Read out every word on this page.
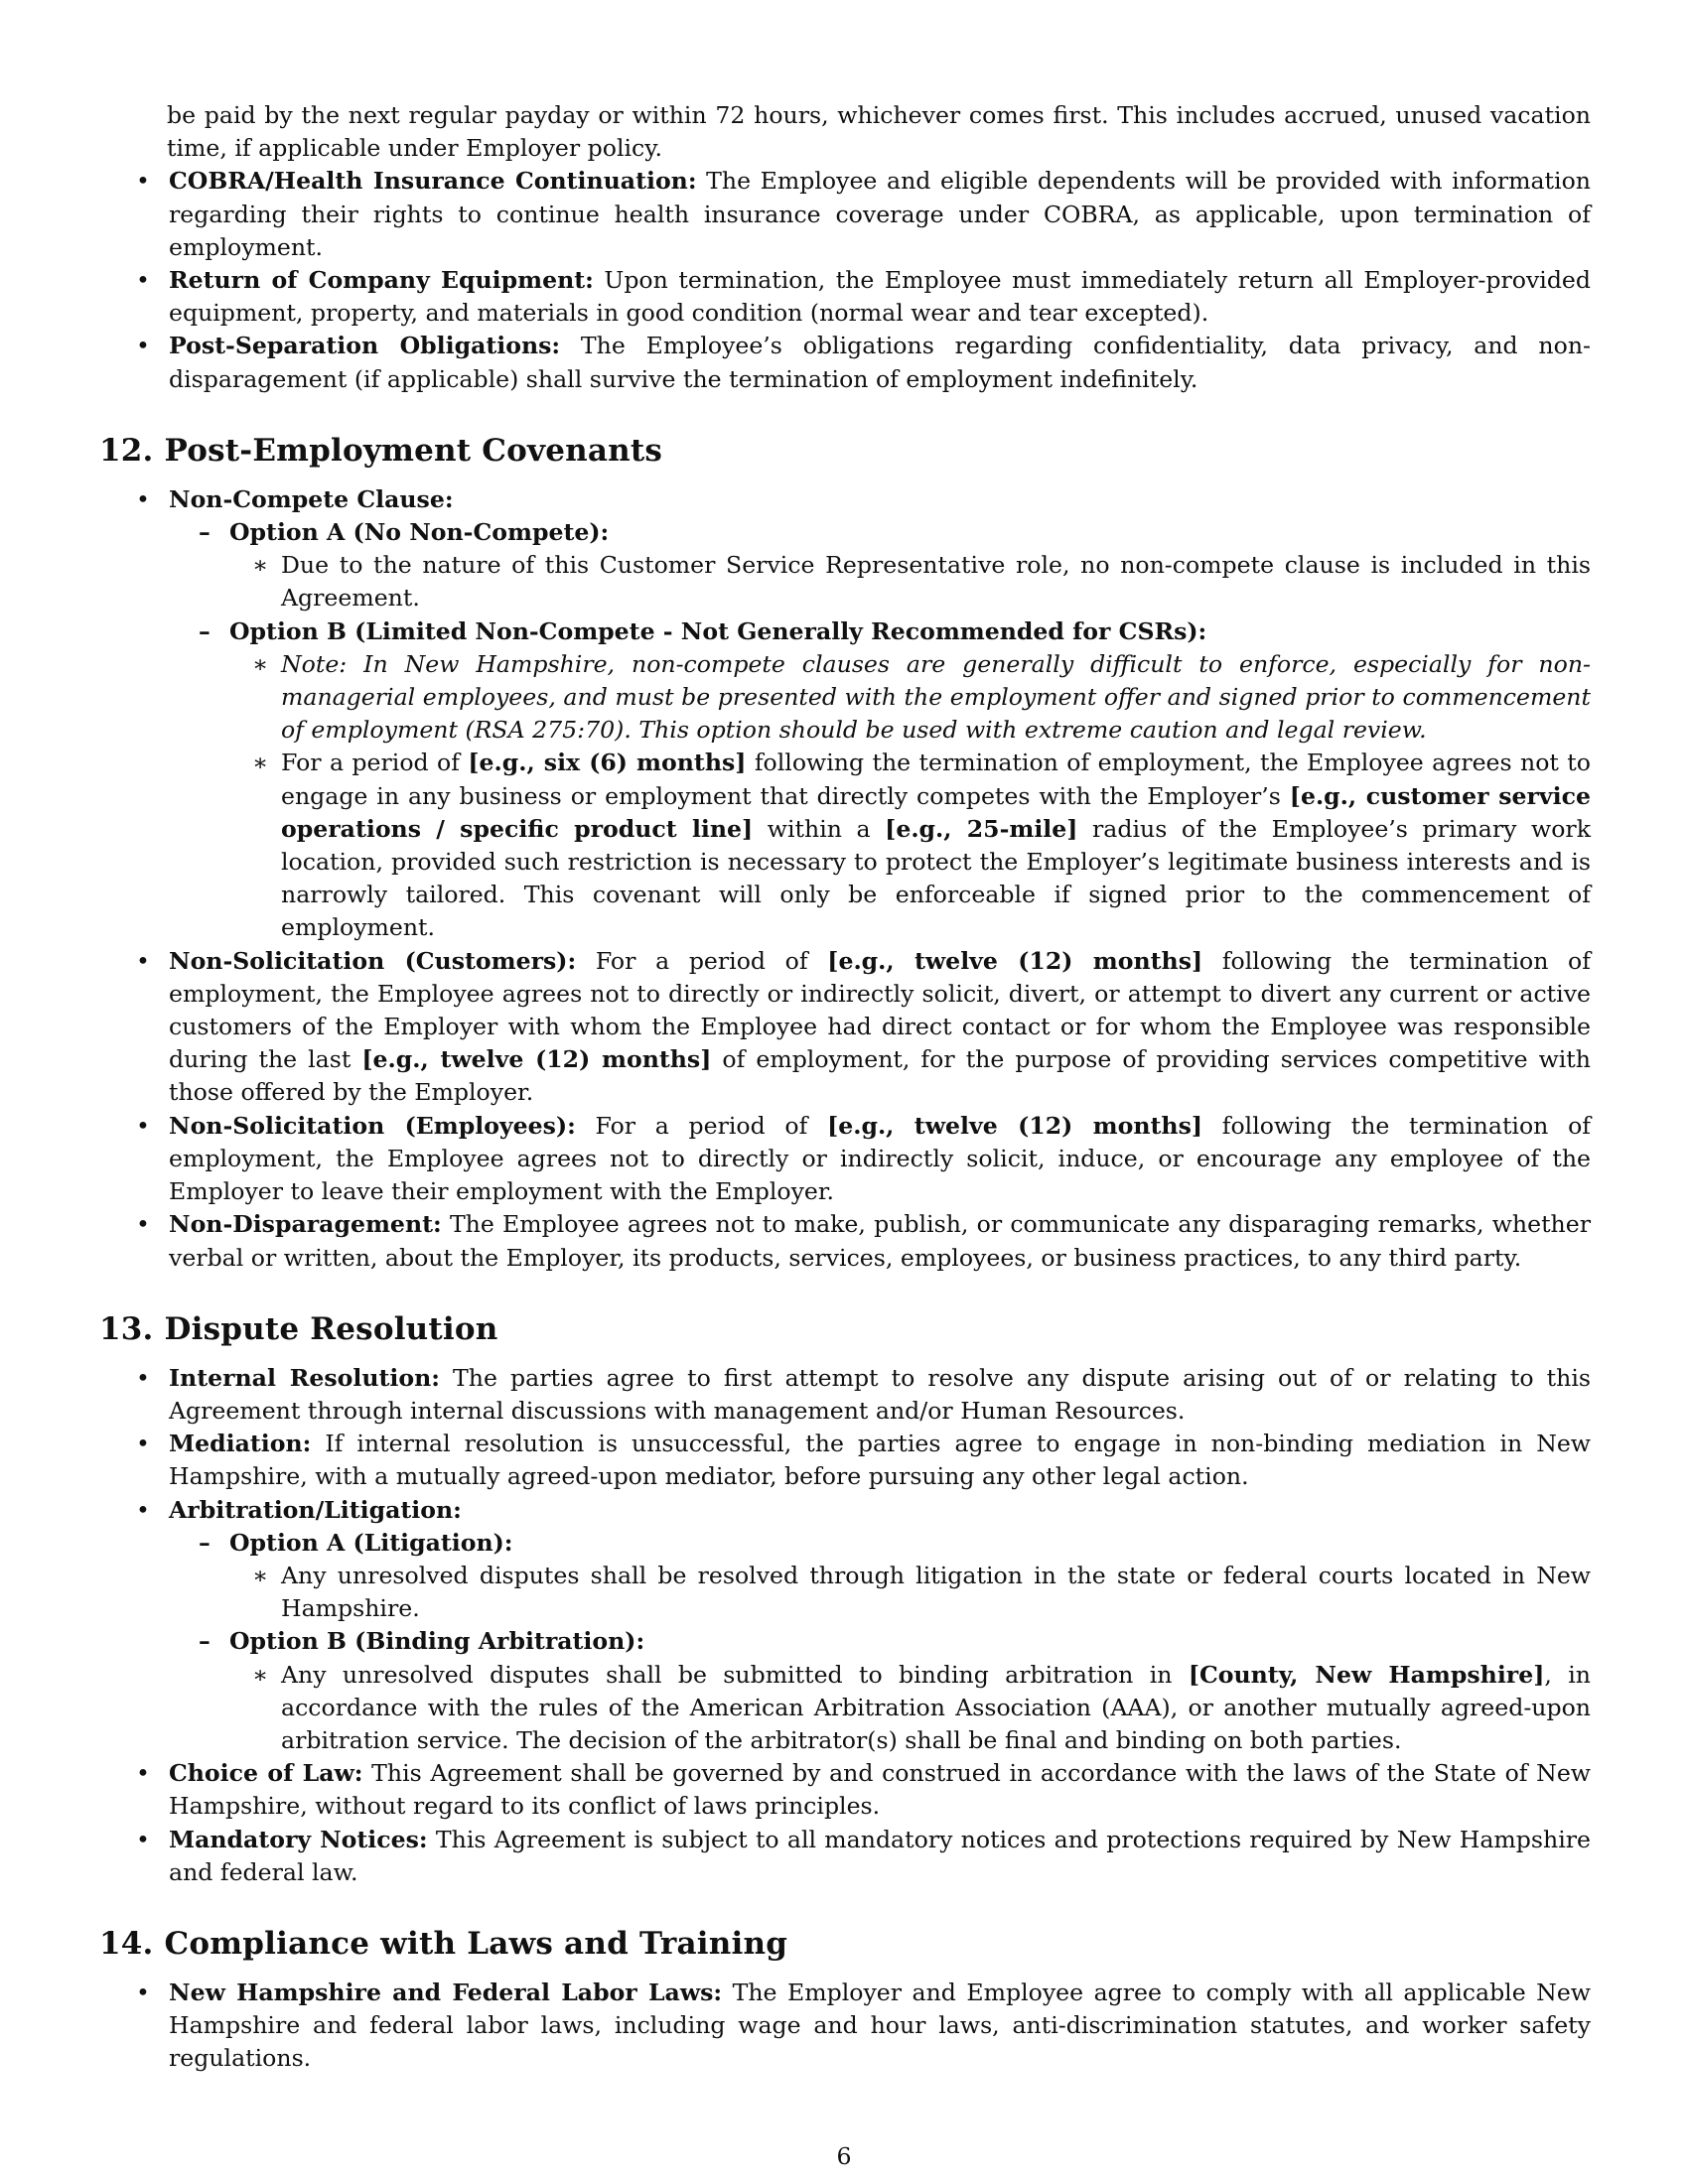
be paid by the next regular payday or within 72 hours, whichever comes first. This includes accrued, unused vacation time, if applicable under Employer policy.
• COBRA/Health Insurance Continuation: The Employee and eligible dependents will be provided with information regarding their rights to continue health insurance coverage under COBRA, as applicable, upon termination of employment.
• Return of Company Equipment: Upon termination, the Employee must immediately return all Employer-provided equipment, property, and materials in good condition (normal wear and tear excepted).
• Post-Separation Obligations: The Employee’s obligations regarding confidentiality, data privacy, and non-disparagement (if applicable) shall survive the termination of employment indefinitely.
12. Post-Employment Covenants
• Non-Compete Clause:
– Option A (No Non-Compete):
∗ Due to the nature of this Customer Service Representative role, no non-compete clause is included in this Agreement.
– Option B (Limited Non-Compete - Not Generally Recommended for CSRs):
∗ Note: In New Hampshire, non-compete clauses are generally difficult to enforce, especially for non-managerial employees, and must be presented with the employment offer and signed prior to commencement of employment (RSA 275:70). This option should be used with extreme caution and legal review.
∗ For a period of [e.g., six (6) months] following the termination of employment, the Employee agrees not to engage in any business or employment that directly competes with the Employer’s [e.g., customer service operations / specific product line] within a [e.g., 25-mile] radius of the Employee’s primary work location, provided such restriction is necessary to protect the Employer’s legitimate business interests and is narrowly tailored. This covenant will only be enforceable if signed prior to the commencement of employment.
• Non-Solicitation (Customers): For a period of [e.g., twelve (12) months] following the termination of employment, the Employee agrees not to directly or indirectly solicit, divert, or attempt to divert any current or active customers of the Employer with whom the Employee had direct contact or for whom the Employee was responsible during the last [e.g., twelve (12) months] of employment, for the purpose of providing services competitive with those offered by the Employer.
• Non-Solicitation (Employees): For a period of [e.g., twelve (12) months] following the termination of employment, the Employee agrees not to directly or indirectly solicit, induce, or encourage any employee of the Employer to leave their employment with the Employer.
• Non-Disparagement: The Employee agrees not to make, publish, or communicate any disparaging remarks, whether verbal or written, about the Employer, its products, services, employees, or business practices, to any third party.
13. Dispute Resolution
• Internal Resolution: The parties agree to first attempt to resolve any dispute arising out of or relating to this Agreement through internal discussions with management and/or Human Resources.
• Mediation: If internal resolution is unsuccessful, the parties agree to engage in non-binding mediation in New Hampshire, with a mutually agreed-upon mediator, before pursuing any other legal action.
• Arbitration/Litigation:
– Option A (Litigation):
∗ Any unresolved disputes shall be resolved through litigation in the state or federal courts located in New Hampshire.
– Option B (Binding Arbitration):
∗ Any unresolved disputes shall be submitted to binding arbitration in [County, New Hampshire], in accordance with the rules of the American Arbitration Association (AAA), or another mutually agreed-upon arbitration service. The decision of the arbitrator(s) shall be final and binding on both parties.
• Choice of Law: This Agreement shall be governed by and construed in accordance with the laws of the State of New Hampshire, without regard to its conflict of laws principles.
• Mandatory Notices: This Agreement is subject to all mandatory notices and protections required by New Hampshire and federal law.
14. Compliance with Laws and Training
• New Hampshire and Federal Labor Laws: The Employer and Employee agree to comply with all applicable New Hampshire and federal labor laws, including wage and hour laws, anti-discrimination statutes, and worker safety regulations.
6
